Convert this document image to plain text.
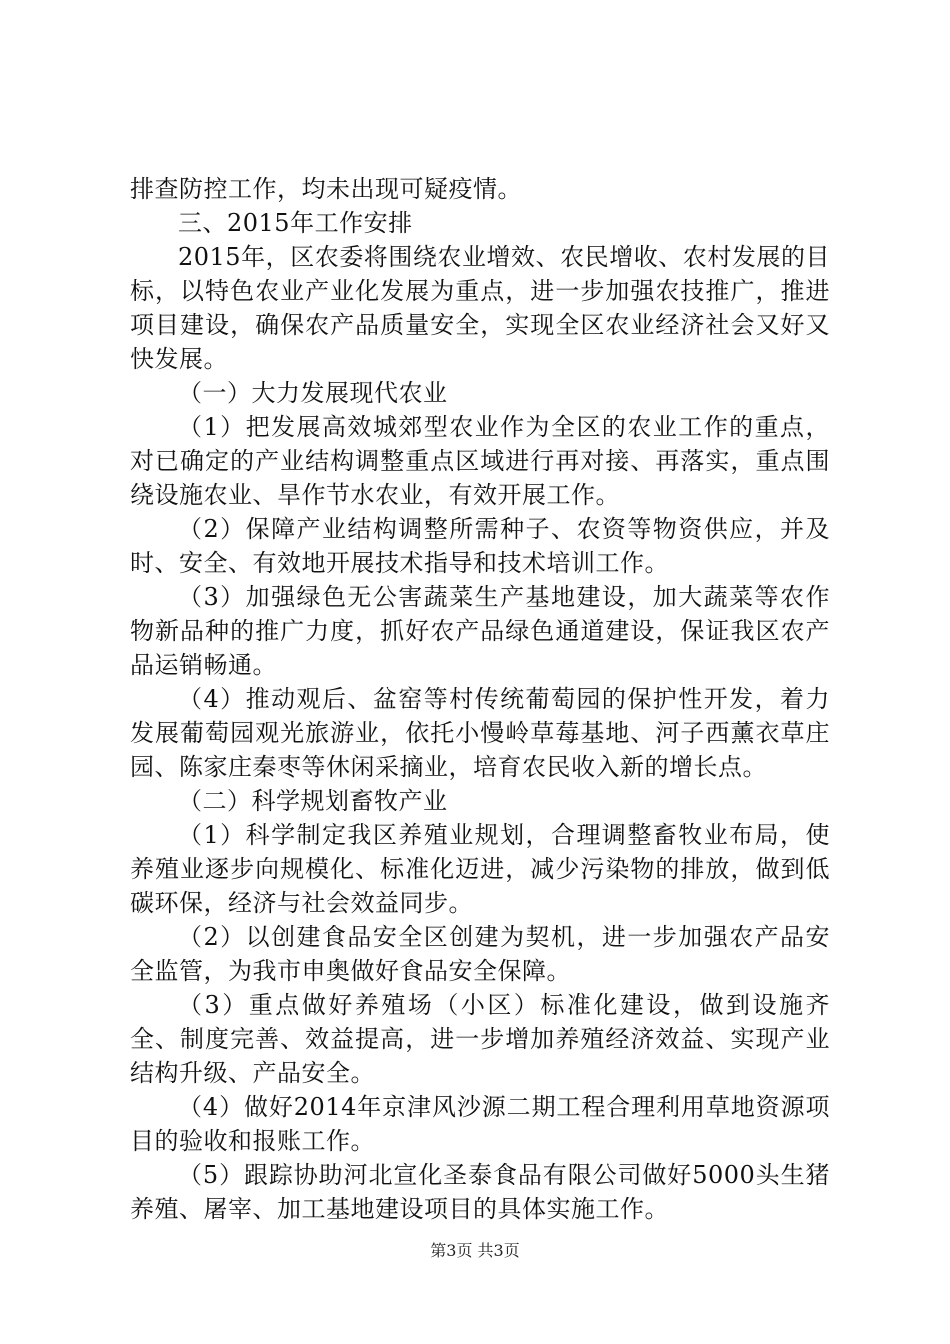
排查防控工作，均未出现可疑疫情。

三、2015年工作安排

2015年，区农委将围绕农业增效、农民增收、农村发展的目标，以特色农业产业化发展为重点，进一步加强农技推广，推进项目建设，确保农产品质量安全，实现全区农业经济社会又好又快发展。

（一）大力发展现代农业

（1）把发展高效城郊型农业作为全区的农业工作的重点，对已确定的产业结构调整重点区域进行再对接、再落实，重点围绕设施农业、旱作节水农业，有效开展工作。

（2）保障产业结构调整所需种子、农资等物资供应，并及时、安全、有效地开展技术指导和技术培训工作。

（3）加强绿色无公害蔬菜生产基地建设，加大蔬菜等农作物新品种的推广力度，抓好农产品绿色通道建设，保证我区农产品运销畅通。

（4）推动观后、盆窑等村传统葡萄园的保护性开发，着力发展葡萄园观光旅游业，依托小慢岭草莓基地、河子西薰衣草庄园、陈家庄秦枣等休闲采摘业，培育农民收入新的增长点。

（二）科学规划畜牧产业

（1）科学制定我区养殖业规划，合理调整畜牧业布局，使养殖业逐步向规模化、标准化迈进，减少污染物的排放，做到低碳环保，经济与社会效益同步。

（2）以创建食品安全区创建为契机，进一步加强农产品安全监管，为我市申奥做好食品安全保障。

（3）重点做好养殖场（小区）标准化建设，做到设施齐全、制度完善、效益提高，进一步增加养殖经济效益、实现产业结构升级、产品安全。

（4）做好2014年京津风沙源二期工程合理利用草地资源项目的验收和报账工作。

（5）跟踪协助河北宣化圣泰食品有限公司做好5000头生猪养殖、屠宰、加工基地建设项目的具体实施工作。

第3页 共3页
